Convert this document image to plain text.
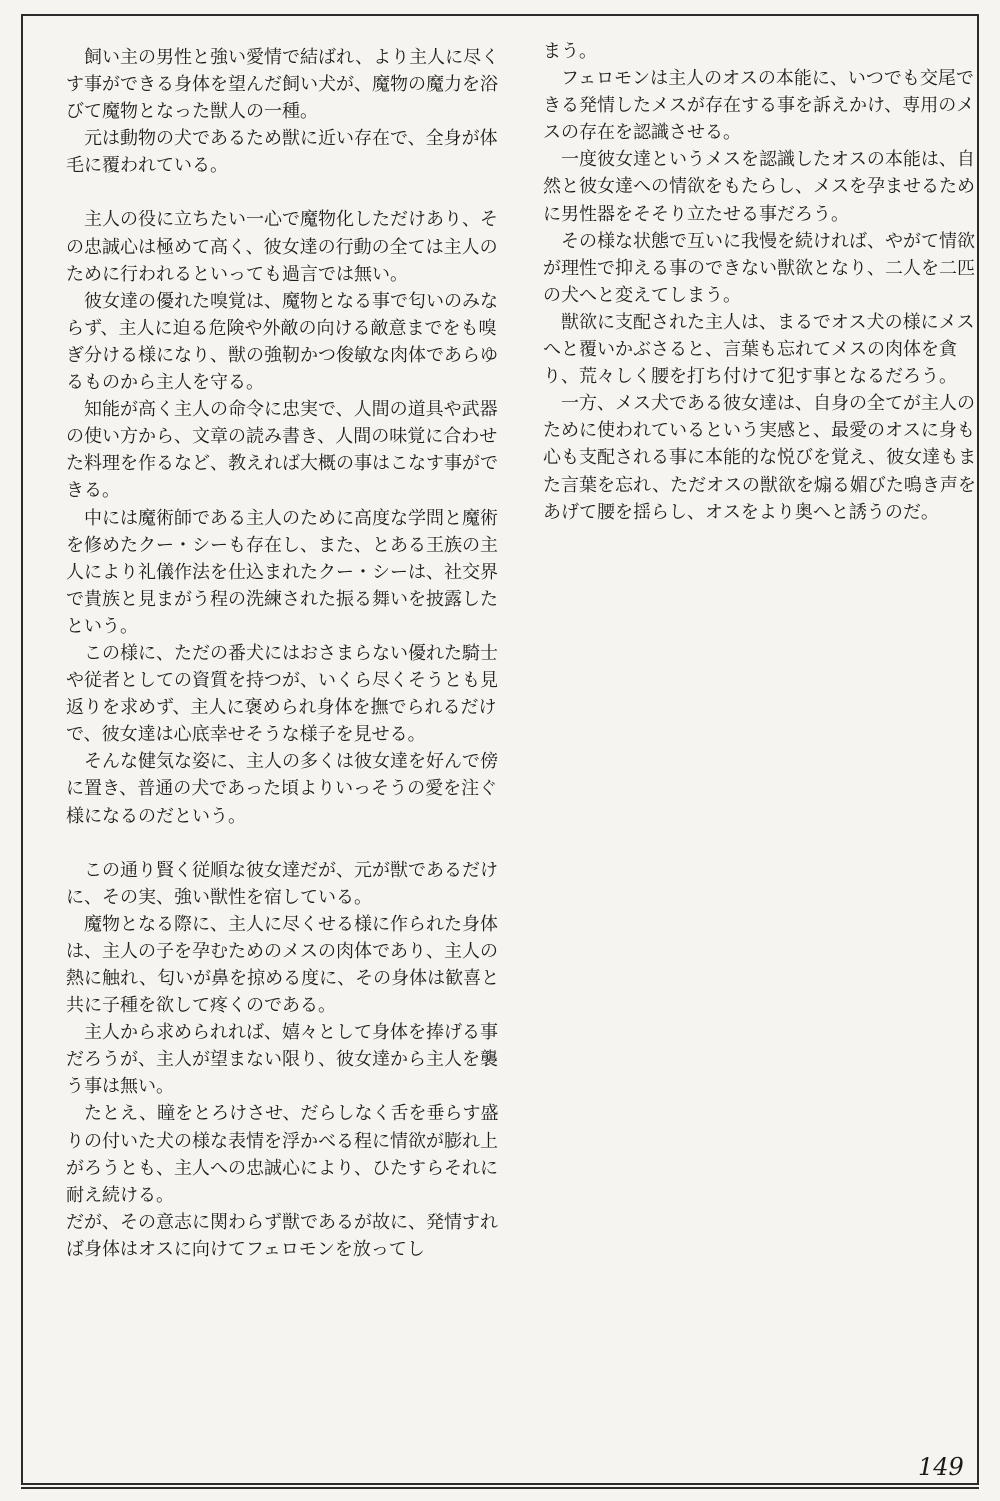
飼い主の男性と強い愛情で結ばれ、より主人に尽くす事ができる身体を望んだ飼い犬が、魔物の魔力を浴びて魔物となった獣人の一種。

元は動物の犬であるため獣に近い存在で、全身が体毛に覆われている。

主人の役に立ちたい一心で魔物化しただけあり、その忠誠心は極めて高く、彼女達の行動の全ては主人のために行われるといっても過言では無い。

彼女達の優れた嗅覚は、魔物となる事で匂いのみならず、主人に迫る危険や外敵の向ける敵意までをも嗅ぎ分ける様になり、獣の強靭かつ俊敏な肉体であらゆるものから主人を守る。

知能が高く主人の命令に忠実で、人間の道具や武器の使い方から、文章の読み書き、人間の味覚に合わせた料理を作るなど、教えれば大概の事はこなす事ができる。

中には魔術師である主人のために高度な学問と魔術を修めたクー・シーも存在し、また、とある王族の主人により礼儀作法を仕込まれたクー・シーは、社交界で貴族と見まがう程の洗練された振る舞いを披露したという。

この様に、ただの番犬にはおさまらない優れた騎士や従者としての資質を持つが、いくら尽くそうとも見返りを求めず、主人に褒められ身体を撫でられるだけで、彼女達は心底幸せそうな様子を見せる。

そんな健気な姿に、主人の多くは彼女達を好んで傍に置き、普通の犬であった頃よりいっそうの愛を注ぐ様になるのだという。

この通り賢く従順な彼女達だが、元が獣であるだけに、その実、強い獣性を宿している。

魔物となる際に、主人に尽くせる様に作られた身体は、主人の子を孕むためのメスの肉体であり、主人の熱に触れ、匂いが鼻を掠める度に、その身体は歓喜と共に子種を欲して疼くのである。

主人から求められれば、嬉々として身体を捧げる事だろうが、主人が望まない限り、彼女達から主人を襲う事は無い。

たとえ、瞳をとろけさせ、だらしなく舌を垂らす盛りの付いた犬の様な表情を浮かべる程に情欲が膨れ上がろうとも、主人への忠誠心により、ひたすらそれに耐え続ける。

だが、その意志に関わらず獣であるが故に、発情すれば身体はオスに向けてフェロモンを放ってし

まう。

フェロモンは主人のオスの本能に、いつでも交尾できる発情したメスが存在する事を訴えかけ、専用のメスの存在を認識させる。

一度彼女達というメスを認識したオスの本能は、自然と彼女達への情欲をもたらし、メスを孕ませるために男性器をそそり立たせる事だろう。

その様な状態で互いに我慢を続ければ、やがて情欲が理性で抑える事のできない獣欲となり、二人を二匹の犬へと変えてしまう。

獣欲に支配された主人は、まるでオス犬の様にメスへと覆いかぶさると、言葉も忘れてメスの肉体を貪り、荒々しく腰を打ち付けて犯す事となるだろう。

一方、メス犬である彼女達は、自身の全てが主人のために使われているという実感と、最愛のオスに身も心も支配される事に本能的な悦びを覚え、彼女達もまた言葉を忘れ、ただオスの獣欲を煽る媚びた鳴き声をあげて腰を揺らし、オスをより奥へと誘うのだ。

149
